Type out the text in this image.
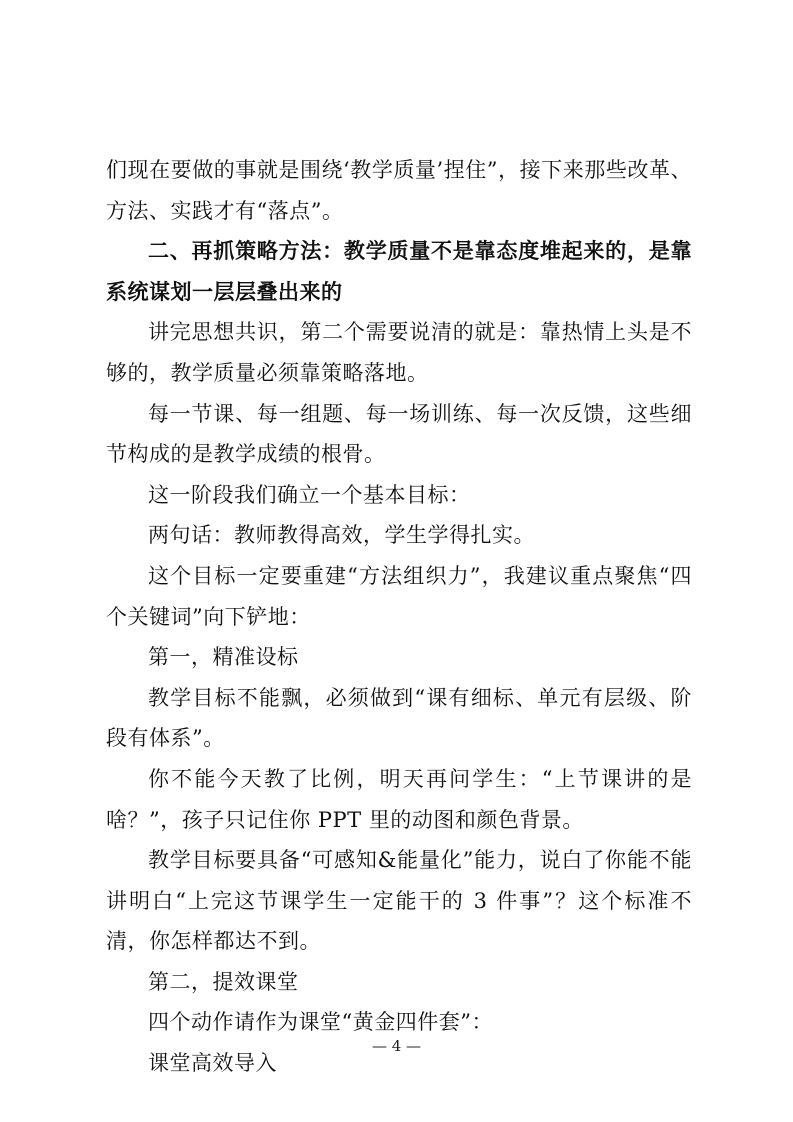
们现在要做的事就是围绕‘教学质量’捏住”，接下来那些改革、方法、实践才有“落点”。

二、再抓策略方法：教学质量不是靠态度堆起来的，是靠系统谋划一层层叠出来的

讲完思想共识，第二个需要说清的就是：靠热情上头是不够的，教学质量必须靠策略落地。

每一节课、每一组题、每一场训练、每一次反馈，这些细节构成的是教学成绩的根骨。

这一阶段我们确立一个基本目标：

两句话：教师教得高效，学生学得扎实。

这个目标一定要重建“方法组织力”，我建议重点聚焦“四个关键词”向下铲地：

第一，精准设标

教学目标不能飘，必须做到“课有细标、单元有层级、阶段有体系”。

你不能今天教了比例，明天再问学生：“上节课讲的是啥？”，孩子只记住你 PPT 里的动图和颜色背景。

教学目标要具备“可感知&能量化”能力，说白了你能不能讲明白“上完这节课学生一定能干的 3 件事”？这个标准不清，你怎样都达不到。

第二，提效课堂

四个动作请作为课堂“黄金四件套”：

课堂高效导入

— 4 —
